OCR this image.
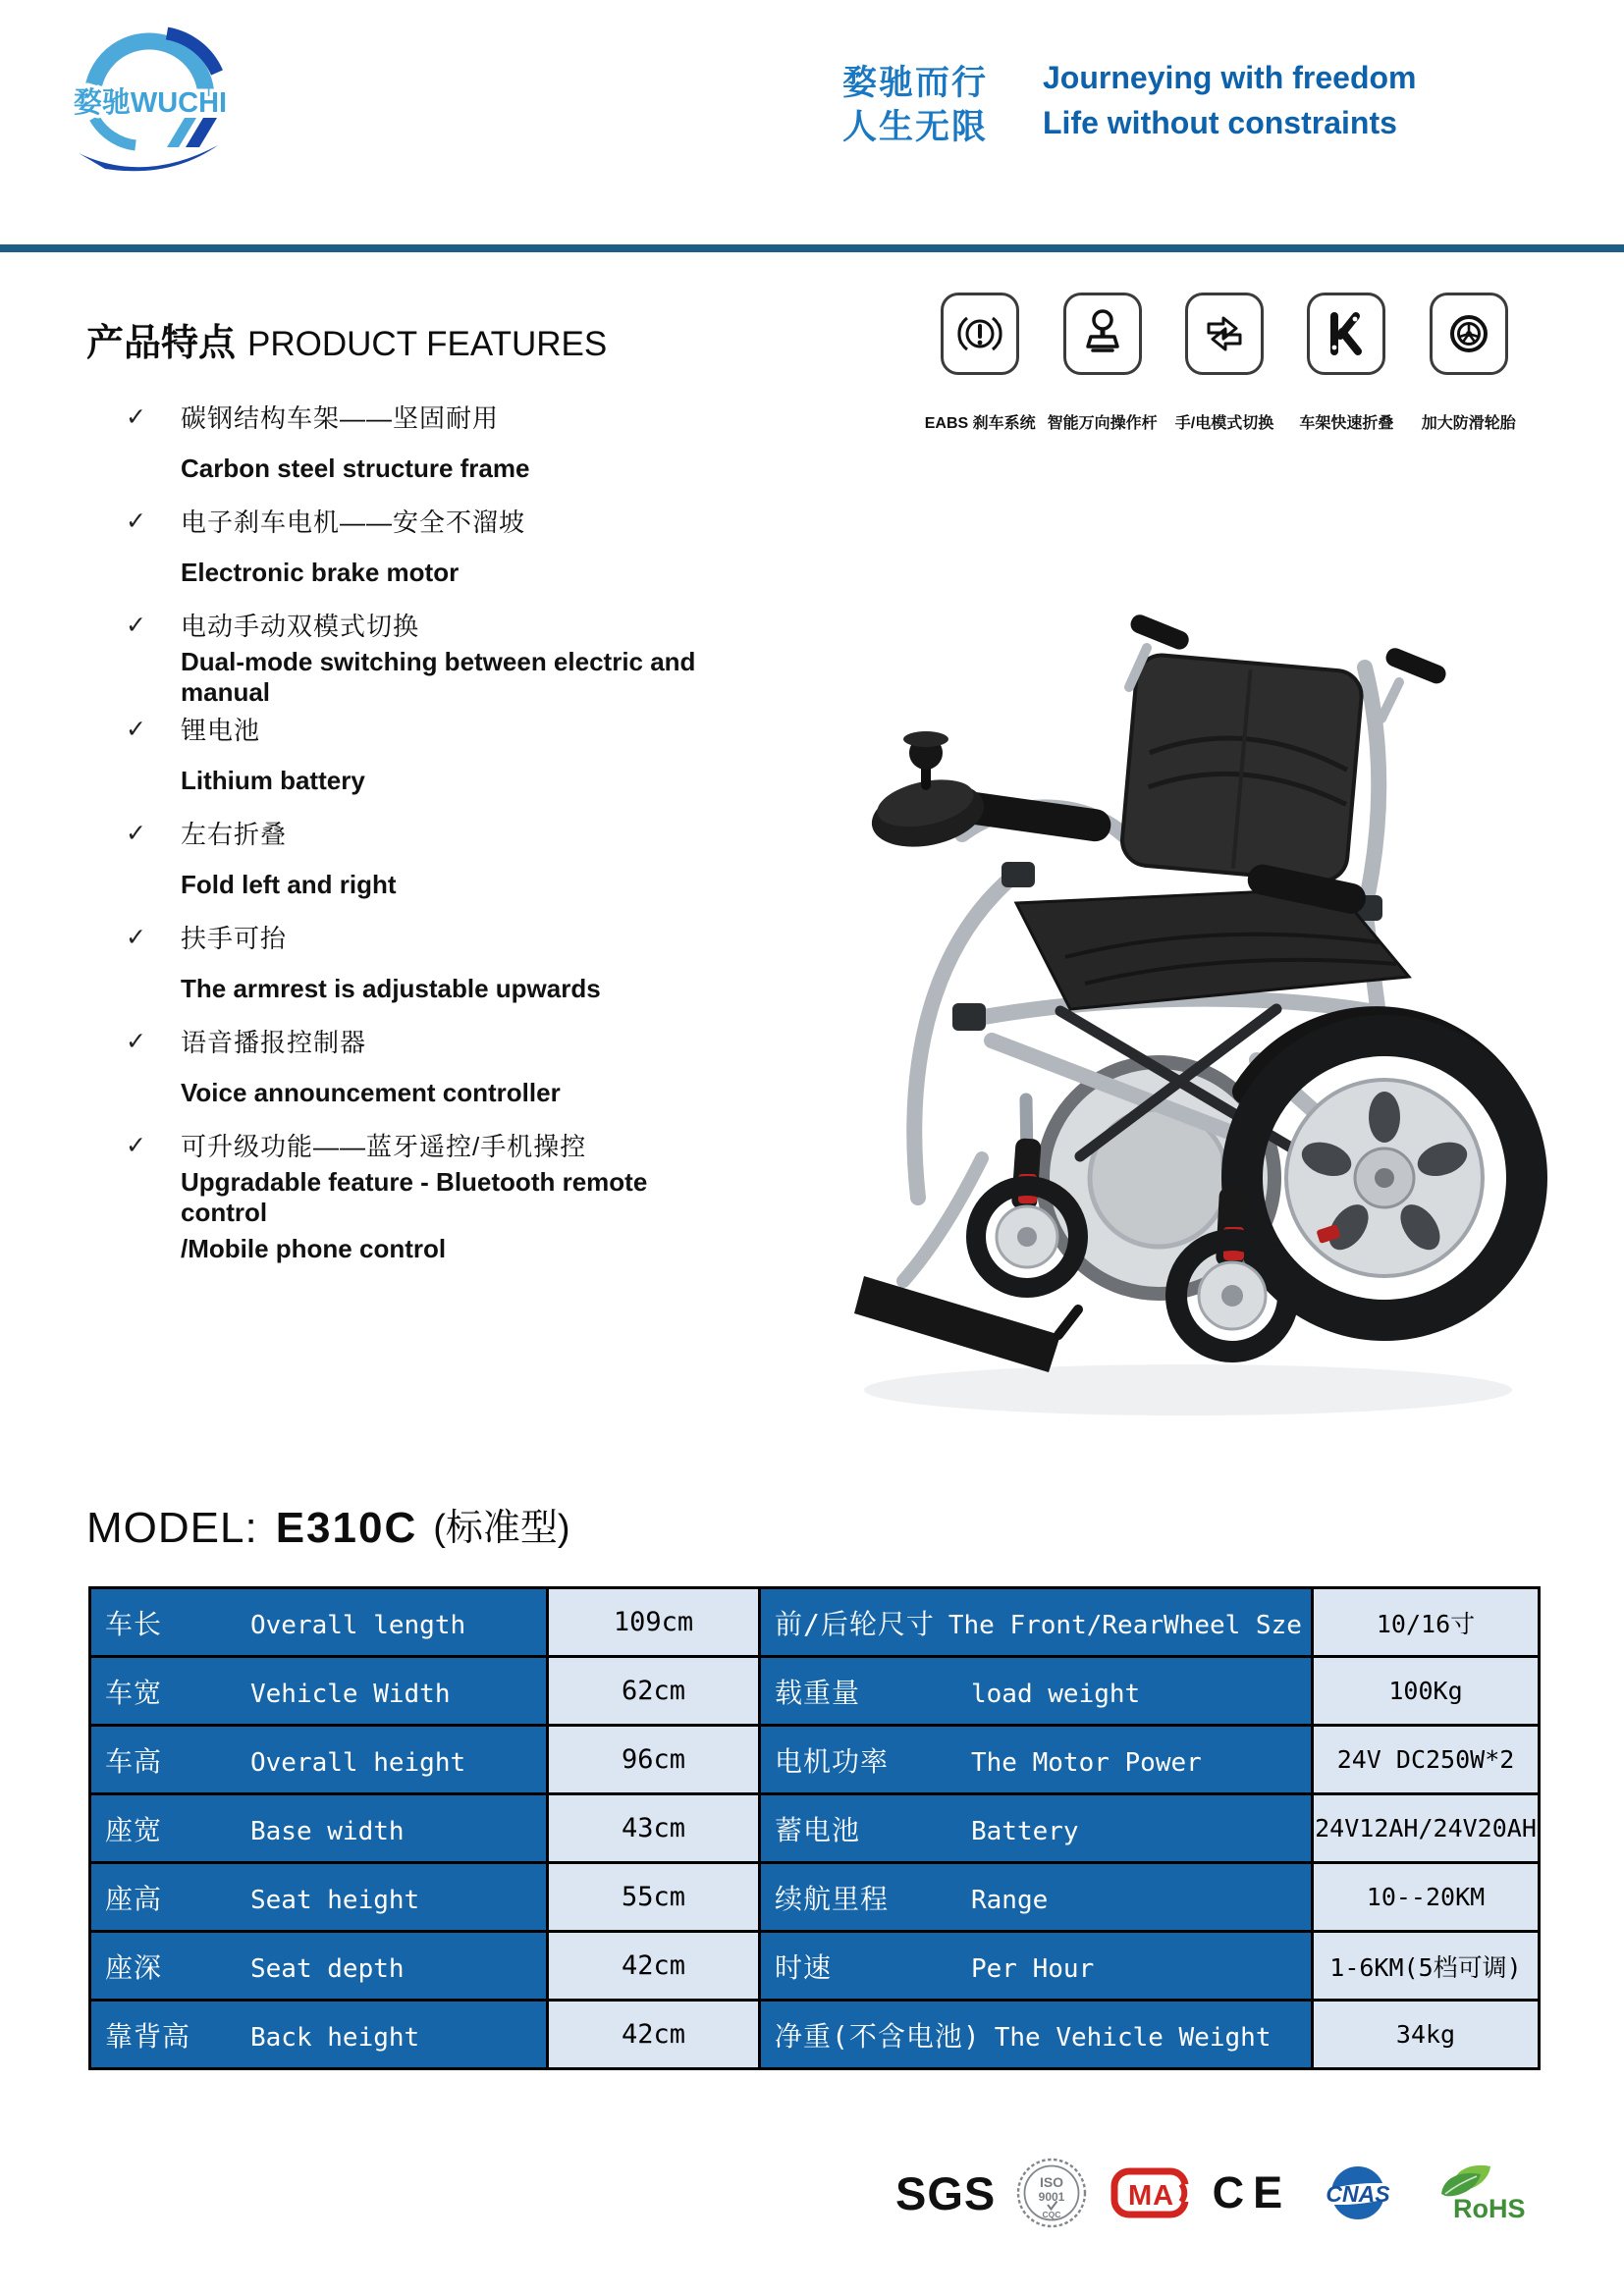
婺驰WUCHI
婺驰而行
人生无限
Journeying with freedom
Life without constraints
产品特点 PRODUCT FEATURES
✓	碳钢结构车架——坚固耐用
Carbon steel structure frame
✓	电子刹车电机——安全不溜坡
Electronic brake motor
✓	电动手动双模式切换
Dual-mode switching between electric and manual
✓	锂电池
Lithium battery
✓	左右折叠
Fold left and right
✓	扶手可抬
The armrest is adjustable upwards
✓	语音播报控制器
Voice announcement controller
✓	可升级功能——蓝牙遥控/手机操控
Upgradable feature - Bluetooth remote control
/Mobile phone control
EABS 刹车系统 智能万向操作杆 手/电模式切换 车架快速折叠 加大防滑轮胎
MODEL: E310C (标准型)
车长 Overall length	109cm	前/后轮尺寸 The Front/RearWheel Sze	10/16寸
车宽 Vehicle Width	62cm	载重量 load weight	100Kg
车高 Overall height	96cm	电机功率 The Motor Power	24V DC250W*2
座宽 Base width	43cm	蓄电池 Battery	24V12AH/24V20AH
座高 Seat height	55cm	续航里程 Range	10--20KM
座深 Seat depth	42cm	时速 Per Hour	1-6KM(5档可调)
靠背高 Back height	42cm	净重(不含电池) The Vehicle Weight	34kg
SGS	ISO
9001
CQC
MA CE CNAS RoHS
